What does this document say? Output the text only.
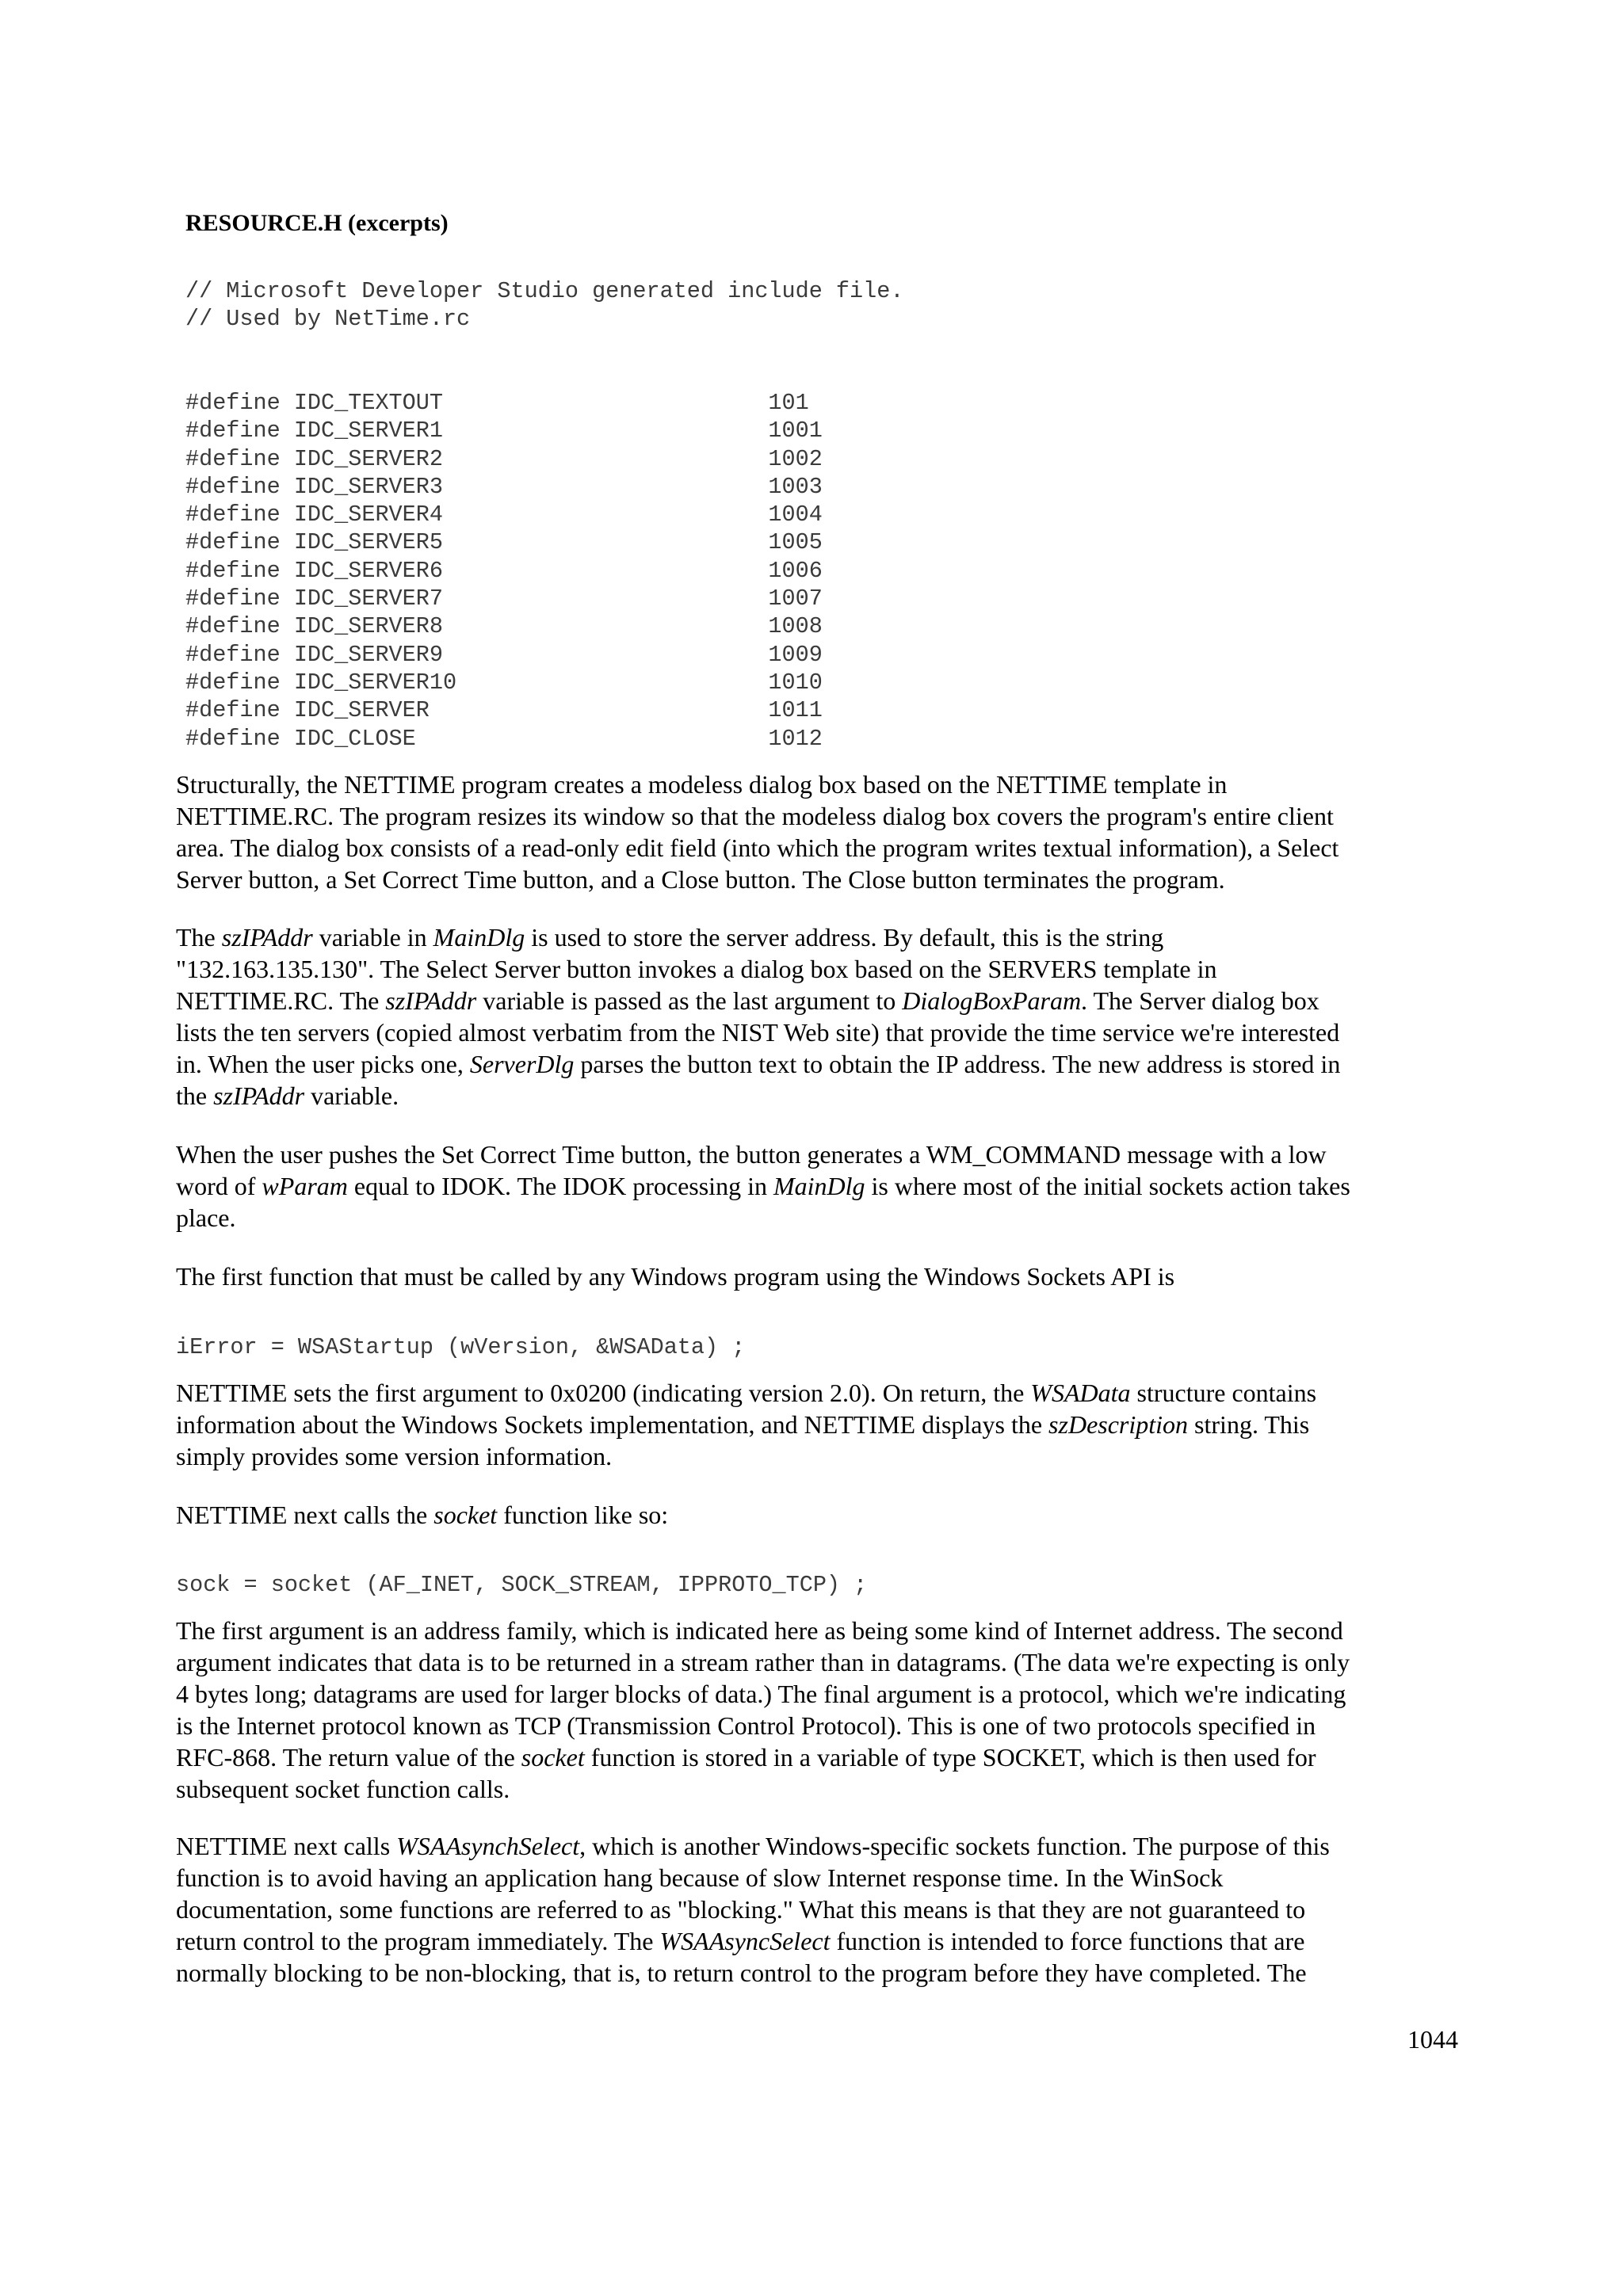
RESOURCE.H (excerpts)
// Microsoft Developer Studio generated include file.
// Used by NetTime.rc
#define IDC_TEXTOUT                        101
#define IDC_SERVER1                        1001
#define IDC_SERVER2                        1002
#define IDC_SERVER3                        1003
#define IDC_SERVER4                        1004
#define IDC_SERVER5                        1005
#define IDC_SERVER6                        1006
#define IDC_SERVER7                        1007
#define IDC_SERVER8                        1008
#define IDC_SERVER9                        1009
#define IDC_SERVER10                       1010
#define IDC_SERVER                         1011
#define IDC_CLOSE                          1012

Structurally, the NETTIME program creates a modeless dialog box based on the NETTIME template in
NETTIME.RC. The program resizes its window so that the modeless dialog box covers the program's entire client
area. The dialog box consists of a read-only edit field (into which the program writes textual information), a Select
Server button, a Set Correct Time button, and a Close button. The Close button terminates the program.

The szIPAddr variable in MainDlg is used to store the server address. By default, this is the string
"132.163.135.130". The Select Server button invokes a dialog box based on the SERVERS template in
NETTIME.RC. The szIPAddr variable is passed as the last argument to DialogBoxParam. The Server dialog box
lists the ten servers (copied almost verbatim from the NIST Web site) that provide the time service we're interested
in. When the user picks one, ServerDlg parses the button text to obtain the IP address. The new address is stored in
the szIPAddr variable.

When the user pushes the Set Correct Time button, the button generates a WM_COMMAND message with a low
word of wParam equal to IDOK. The IDOK processing in MainDlg is where most of the initial sockets action takes
place.

The first function that must be called by any Windows program using the Windows Sockets API is

iError = WSAStartup (wVersion, &WSAData) ;

NETTIME sets the first argument to 0x0200 (indicating version 2.0). On return, the WSAData structure contains
information about the Windows Sockets implementation, and NETTIME displays the szDescription string. This
simply provides some version information.

NETTIME next calls the socket function like so:

sock = socket (AF_INET, SOCK_STREAM, IPPROTO_TCP) ;

The first argument is an address family, which is indicated here as being some kind of Internet address. The second
argument indicates that data is to be returned in a stream rather than in datagrams. (The data we're expecting is only
4 bytes long; datagrams are used for larger blocks of data.) The final argument is a protocol, which we're indicating
is the Internet protocol known as TCP (Transmission Control Protocol). This is one of two protocols specified in
RFC-868. The return value of the socket function is stored in a variable of type SOCKET, which is then used for
subsequent socket function calls.

NETTIME next calls WSAAsynchSelect, which is another Windows-specific sockets function. The purpose of this
function is to avoid having an application hang because of slow Internet response time. In the WinSock
documentation, some functions are referred to as "blocking." What this means is that they are not guaranteed to
return control to the program immediately. The WSAAsyncSelect function is intended to force functions that are
normally blocking to be non-blocking, that is, to return control to the program before they have completed. The

1044
